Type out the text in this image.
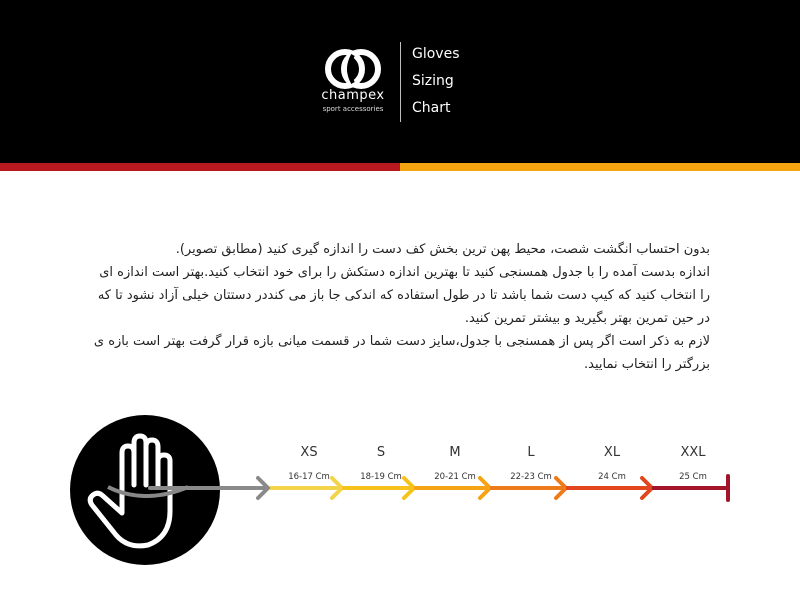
champex
sport accessories
Gloves
Sizing
Chart

بدون احتساب انگشت شصت، محیط پهن ترین بخش کف دست را اندازه گیری کنید (مطابق تصویر).

اندازه بدست آمده را با جدول همسنجی کنید تا بهترین اندازه دستکش را برای خود انتخاب کنید.بهتر است اندازه ای را انتخاب کنید که کیپ دست شما باشد تا در طول استفاده که اندکی جا باز می کنددر دستتان خیلی آزاد نشود تا که در حین تمرین بهتر بگیرید و بیشتر تمرین کنید.

لازم به ذکر است اگر پس از همسنجی با جدول،سایز دست شما در قسمت میانی بازه قرار گرفت بهتر است بازه ی بزرگتر را انتخاب نمایید.

XS
16-17 Cm
S
18-19 Cm
M
20-21 Cm
L
22-23 Cm
XL
24 Cm
XXL
25 Cm
